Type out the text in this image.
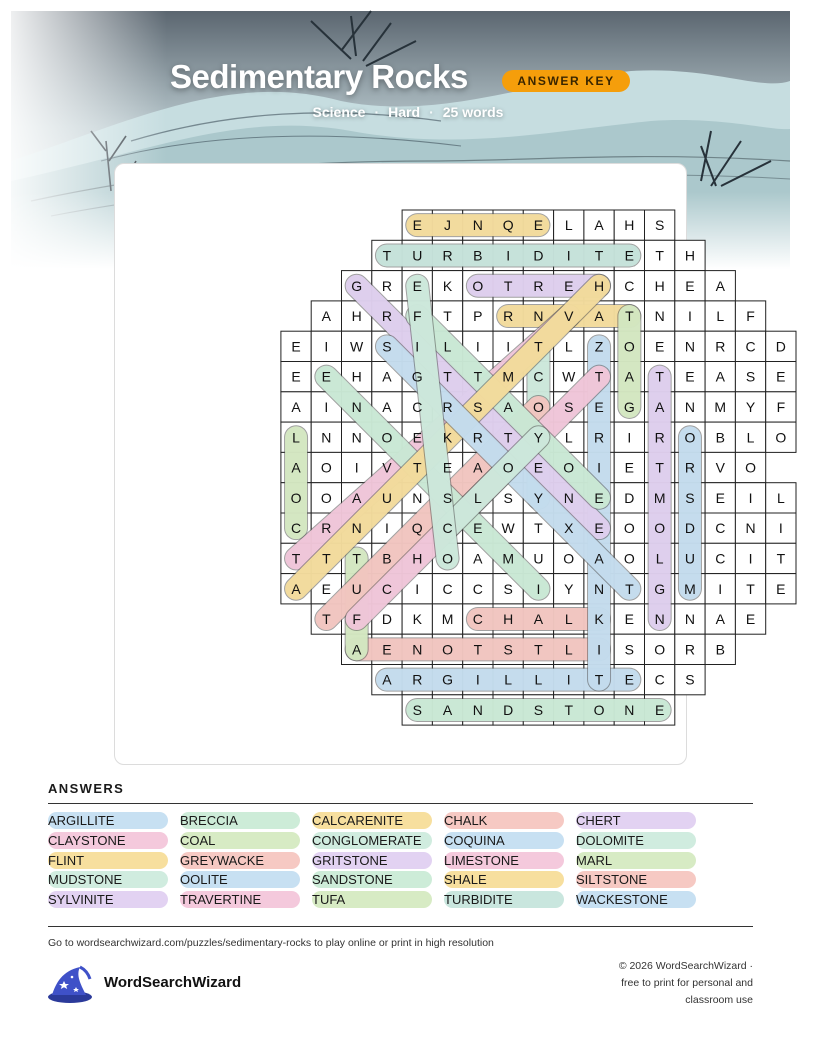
Sedimentary Rocks	ANSWER KEY
Science · Hard · 25 words
E J N Q E L A H S
T U R B I D I T E T H
G R E K O T R E H C H E A
A H R F T P R N V A T N I L F
E I W S I L I I T L Z O E N R C D
E E H A G T T M C W T A T E A S E
A I N A C R S A O S E G A N M Y F
L N N O E K R T Y L R I R O B L O
A O I V T E A O E O I E T R V O
O O A U N S L S Y N E D M S E I L
C R N I Q C E W T X E O O D C N I
T T T B H O A M U O A O L U C I T
A E U C I C C S I Y N T G M I T E
T F D K M C H A L K E N N A E
A E N O T S T L I S O R B
A R G I L L I T E C S
S A N D S T O N E
ANSWERS
ARGILLITE	BRECCIA	CALCARENITE	CHALK	CHERT
CLAYSTONE	COAL	CONGLOMERATE	COQUINA	DOLOMITE
FLINT	GREYWACKE	GRITSTONE	LIMESTONE	MARL
MUDSTONE	OOLITE	SANDSTONE	SHALE	SILTSTONE
SYLVINITE	TRAVERTINE	TUFA	TURBIDITE	WACKESTONE
Go to wordsearchwizard.com/puzzles/sedimentary-rocks to play online or print in high resolution
WordSearchWizard
© 2026 WordSearchWizard ·
free to print for personal and
classroom use
